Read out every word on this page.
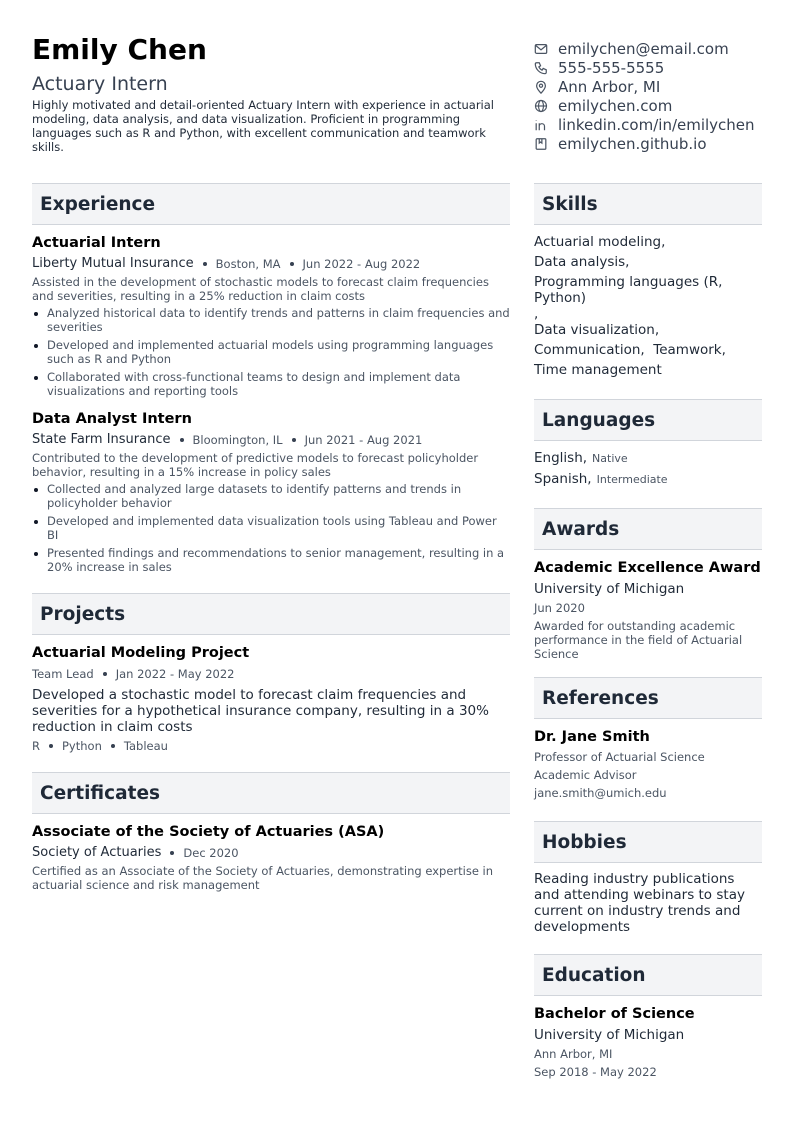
Emily Chen
Actuary Intern
Highly motivated and detail-oriented Actuary Intern with experience in actuarial modeling, data analysis, and data visualization. Proficient in programming languages such as R and Python, with excellent communication and teamwork skills.
emilychen@email.com
555-555-5555
Ann Arbor, MI
emilychen.com
linkedin.com/in/emilychen
emilychen.github.io
Experience
Actuarial Intern
Liberty Mutual Insurance Boston, MA Jun 2022 - Aug 2022
Assisted in the development of stochastic models to forecast claim frequencies and severities, resulting in a 25% reduction in claim costs
Analyzed historical data to identify trends and patterns in claim frequencies and severities
Developed and implemented actuarial models using programming languages such as R and Python
Collaborated with cross-functional teams to design and implement data visualizations and reporting tools
Data Analyst Intern
State Farm Insurance Bloomington, IL Jun 2021 - Aug 2021
Contributed to the development of predictive models to forecast policyholder behavior, resulting in a 15% increase in policy sales
Collected and analyzed large datasets to identify patterns and trends in policyholder behavior
Developed and implemented data visualization tools using Tableau and Power BI
Presented findings and recommendations to senior management, resulting in a 20% increase in sales
Projects
Actuarial Modeling Project
Team Lead Jan 2022 - May 2022
Developed a stochastic model to forecast claim frequencies and severities for a hypothetical insurance company, resulting in a 30% reduction in claim costs
R Python Tableau
Certificates
Associate of the Society of Actuaries (ASA)
Society of Actuaries Dec 2020
Certified as an Associate of the Society of Actuaries, demonstrating expertise in actuarial science and risk management
Skills
Actuarial modeling,
Data analysis,
Programming languages (R, Python)
,
Data visualization,
Communication,  Teamwork,
Time management
Languages
English, Native
Spanish, Intermediate
Awards
Academic Excellence Award
University of Michigan
Jun 2020
Awarded for outstanding academic performance in the field of Actuarial Science
References
Dr. Jane Smith
Professor of Actuarial Science
Academic Advisor
jane.smith@umich.edu
Hobbies
Reading industry publications and attending webinars to stay current on industry trends and developments
Education
Bachelor of Science
University of Michigan
Ann Arbor, MI
Sep 2018 - May 2022
